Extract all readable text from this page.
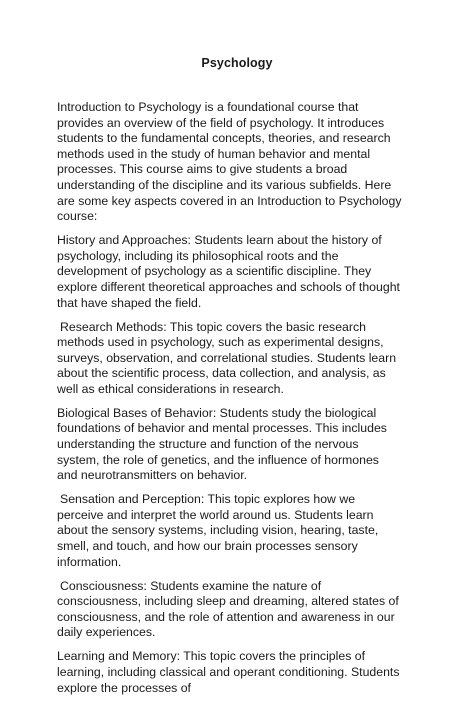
Psychology

Introduction to Psychology is a foundational course that provides an overview of the field of psychology. It introduces students to the fundamental concepts, theories, and research methods used in the study of human behavior and mental processes. This course aims to give students a broad understanding of the discipline and its various subfields. Here are some key aspects covered in an Introduction to Psychology course:

History and Approaches: Students learn about the history of psychology, including its philosophical roots and the development of psychology as a scientific discipline. They explore different theoretical approaches and schools of thought that have shaped the field.

Research Methods: This topic covers the basic research methods used in psychology, such as experimental designs, surveys, observation, and correlational studies. Students learn about the scientific process, data collection, and analysis, as well as ethical considerations in research.

Biological Bases of Behavior: Students study the biological foundations of behavior and mental processes. This includes understanding the structure and function of the nervous system, the role of genetics, and the influence of hormones and neurotransmitters on behavior.

Sensation and Perception: This topic explores how we perceive and interpret the world around us. Students learn about the sensory systems, including vision, hearing, taste, smell, and touch, and how our brain processes sensory information.

Consciousness: Students examine the nature of consciousness, including sleep and dreaming, altered states of consciousness, and the role of attention and awareness in our daily experiences.

Learning and Memory: This topic covers the principles of learning, including classical and operant conditioning. Students explore the processes of
